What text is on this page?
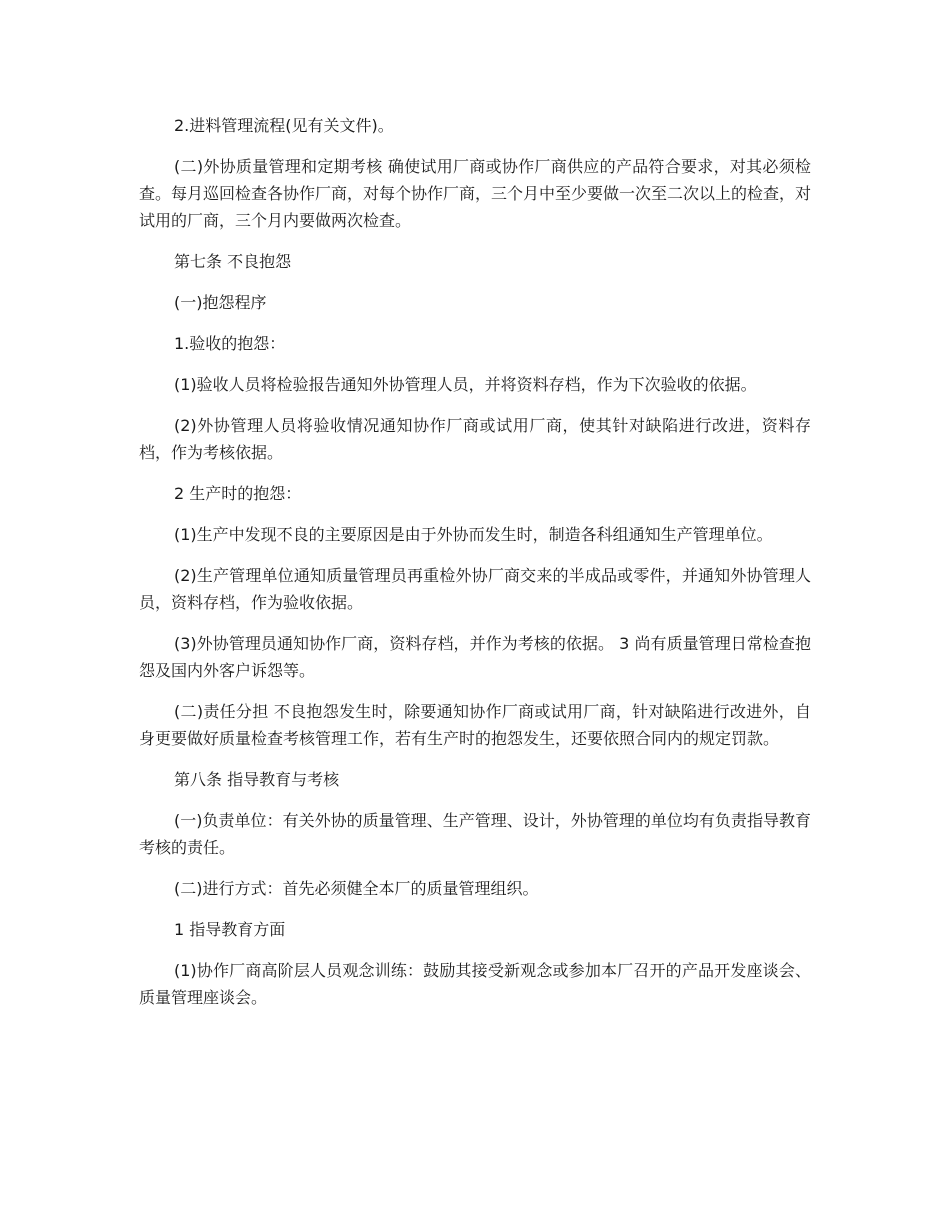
2.进料管理流程(见有关文件)。

(二)外协质量管理和定期考核 确使试用厂商或协作厂商供应的产品符合要求，对其必须检查。每月巡回检查各协作厂商，对每个协作厂商，三个月中至少要做一次至二次以上的检查，对试用的厂商，三个月内要做两次检查。

第七条 不良抱怨

(一)抱怨程序

1.验收的抱怨：

(1)验收人员将检验报告通知外协管理人员，并将资料存档，作为下次验收的依据。

(2)外协管理人员将验收情况通知协作厂商或试用厂商，使其针对缺陷进行改进，资料存档，作为考核依据。

2 生产时的抱怨：

(1)生产中发现不良的主要原因是由于外协而发生时，制造各科组通知生产管理单位。

(2)生产管理单位通知质量管理员再重检外协厂商交来的半成品或零件，并通知外协管理人员，资料存档，作为验收依据。

(3)外协管理员通知协作厂商，资料存档，并作为考核的依据。 3 尚有质量管理日常检查抱怨及国内外客户诉怨等。

(二)责任分担 不良抱怨发生时，除要通知协作厂商或试用厂商，针对缺陷进行改进外，自身更要做好质量检查考核管理工作，若有生产时的抱怨发生，还要依照合同内的规定罚款。

第八条 指导教育与考核

(一)负责单位：有关外协的质量管理、生产管理、设计，外协管理的单位均有负责指导教育考核的责任。

(二)进行方式：首先必须健全本厂的质量管理组织。

1 指导教育方面

(1)协作厂商高阶层人员观念训练：鼓励其接受新观念或参加本厂召开的产品开发座谈会、质量管理座谈会。
